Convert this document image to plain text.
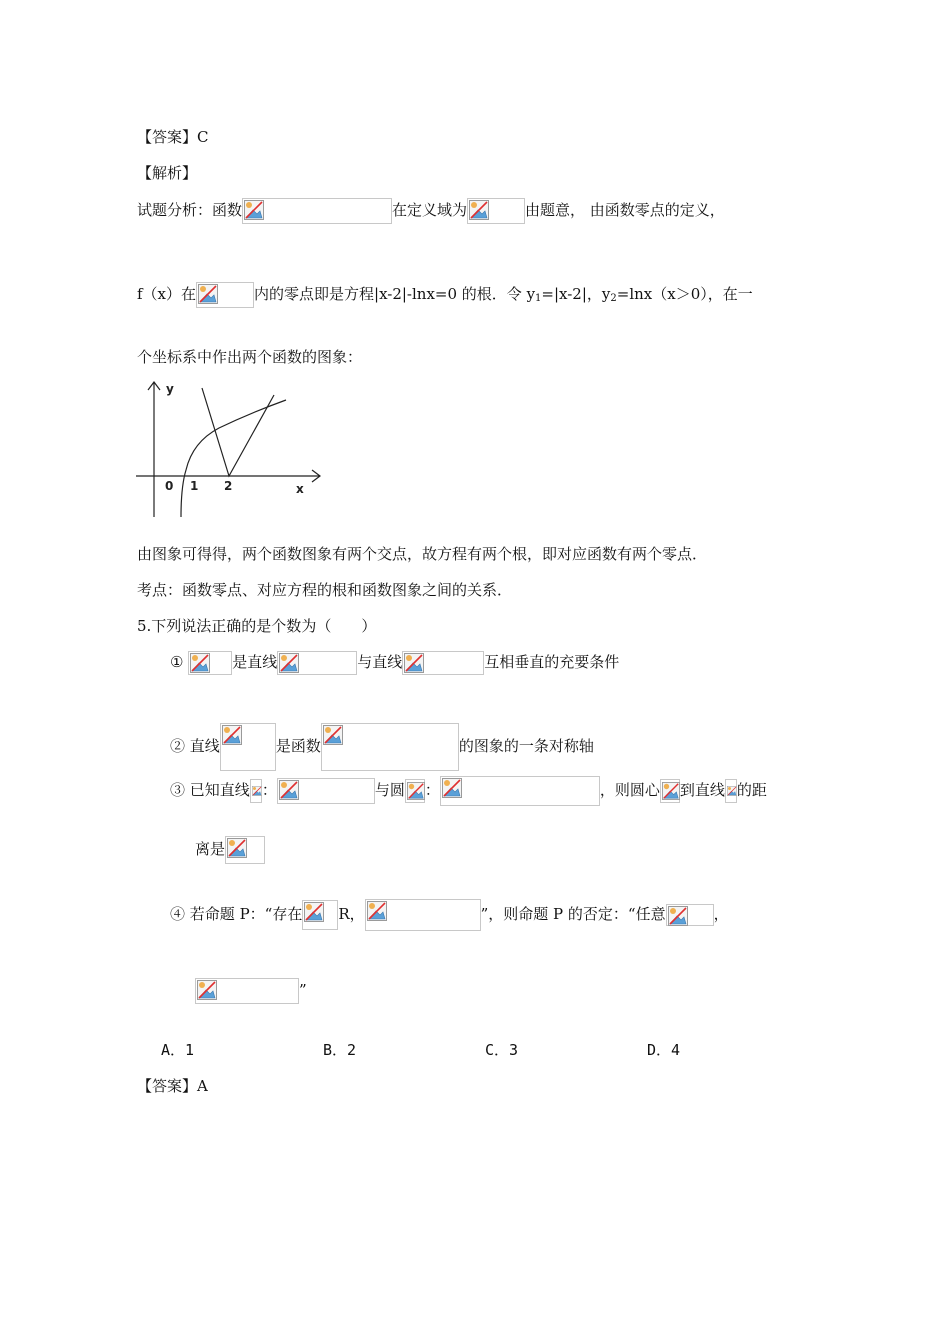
【答案】C
【解析】
试题分析：函数	在定义域为	由题意， 由函数零点的定义，
f（x）在	内的零点即是方程|x-2|-lnx=0 的根．令 $y_1=|x-2|$，$y_2=\ln x(x>0)$，在一
个坐标系中作出两个函数的图象：
y
x
0 1 2
由图象可得得，两个函数图象有两个交点，故方程有两个根，即对应函数有两个零点．
考点：函数零点、对应方程的根和函数图象之间的关系．
5.下列说法正确的是个数为（　　）
①	是直线	与直线	互相垂直的充要条件
② 直线	是函数	的图象的一条对称轴
③ 已知直线 ：	与圆 ：	，则圆心 到直线 的距
离是
④ 若命题 P：“存在 R，	”，则命题 P 的否定：“任意	，
”
A．1	B．2	C．3	D．4
【答案】A
